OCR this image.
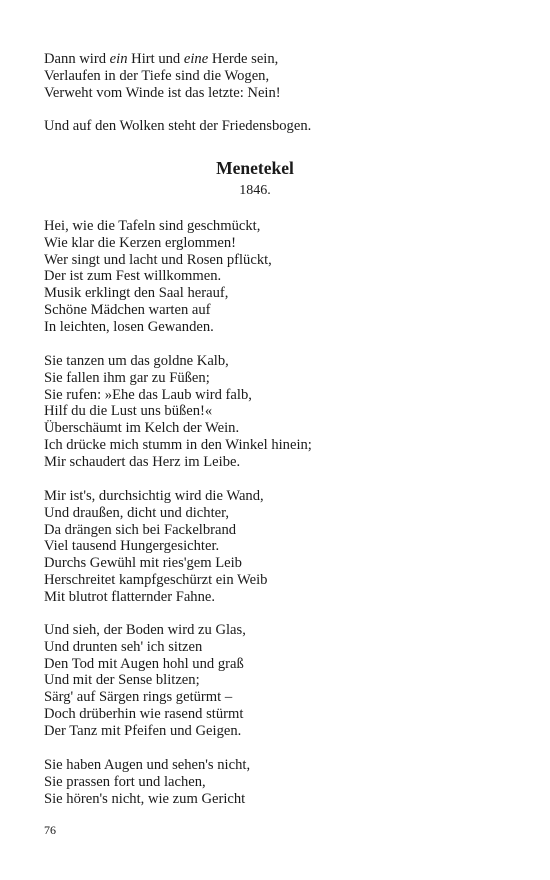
Dann wird ein Hirt und eine Herde sein,

Verlaufen in der Tiefe sind die Wogen,

Verweht vom Winde ist das letzte: Nein!

Und auf den Wolken steht der Friedensbogen.

Menetekel
1846.

Hei, wie die Tafeln sind geschmückt,

Wie klar die Kerzen erglommen!

Wer singt und lacht und Rosen pflückt,

Der ist zum Fest willkommen.

Musik erklingt den Saal herauf,

Schöne Mädchen warten auf

In leichten, losen Gewanden.

Sie tanzen um das goldne Kalb,

Sie fallen ihm gar zu Füßen;

Sie rufen: »Ehe das Laub wird falb,

Hilf du die Lust uns büßen!«

Überschäumt im Kelch der Wein.

Ich drücke mich stumm in den Winkel hinein;

Mir schaudert das Herz im Leibe.

Mir ist's, durchsichtig wird die Wand,

Und draußen, dicht und dichter,

Da drängen sich bei Fackelbrand

Viel tausend Hungergesichter.

Durchs Gewühl mit ries'gem Leib

Herschreitet kampfgeschürzt ein Weib

Mit blutrot flatternder Fahne.

Und sieh, der Boden wird zu Glas,

Und drunten seh' ich sitzen

Den Tod mit Augen hohl und graß

Und mit der Sense blitzen;

Särg' auf Särgen rings getürmt –

Doch drüberhin wie rasend stürmt

Der Tanz mit Pfeifen und Geigen.

Sie haben Augen und sehen's nicht,

Sie prassen fort und lachen,

Sie hören's nicht, wie zum Gericht

76
